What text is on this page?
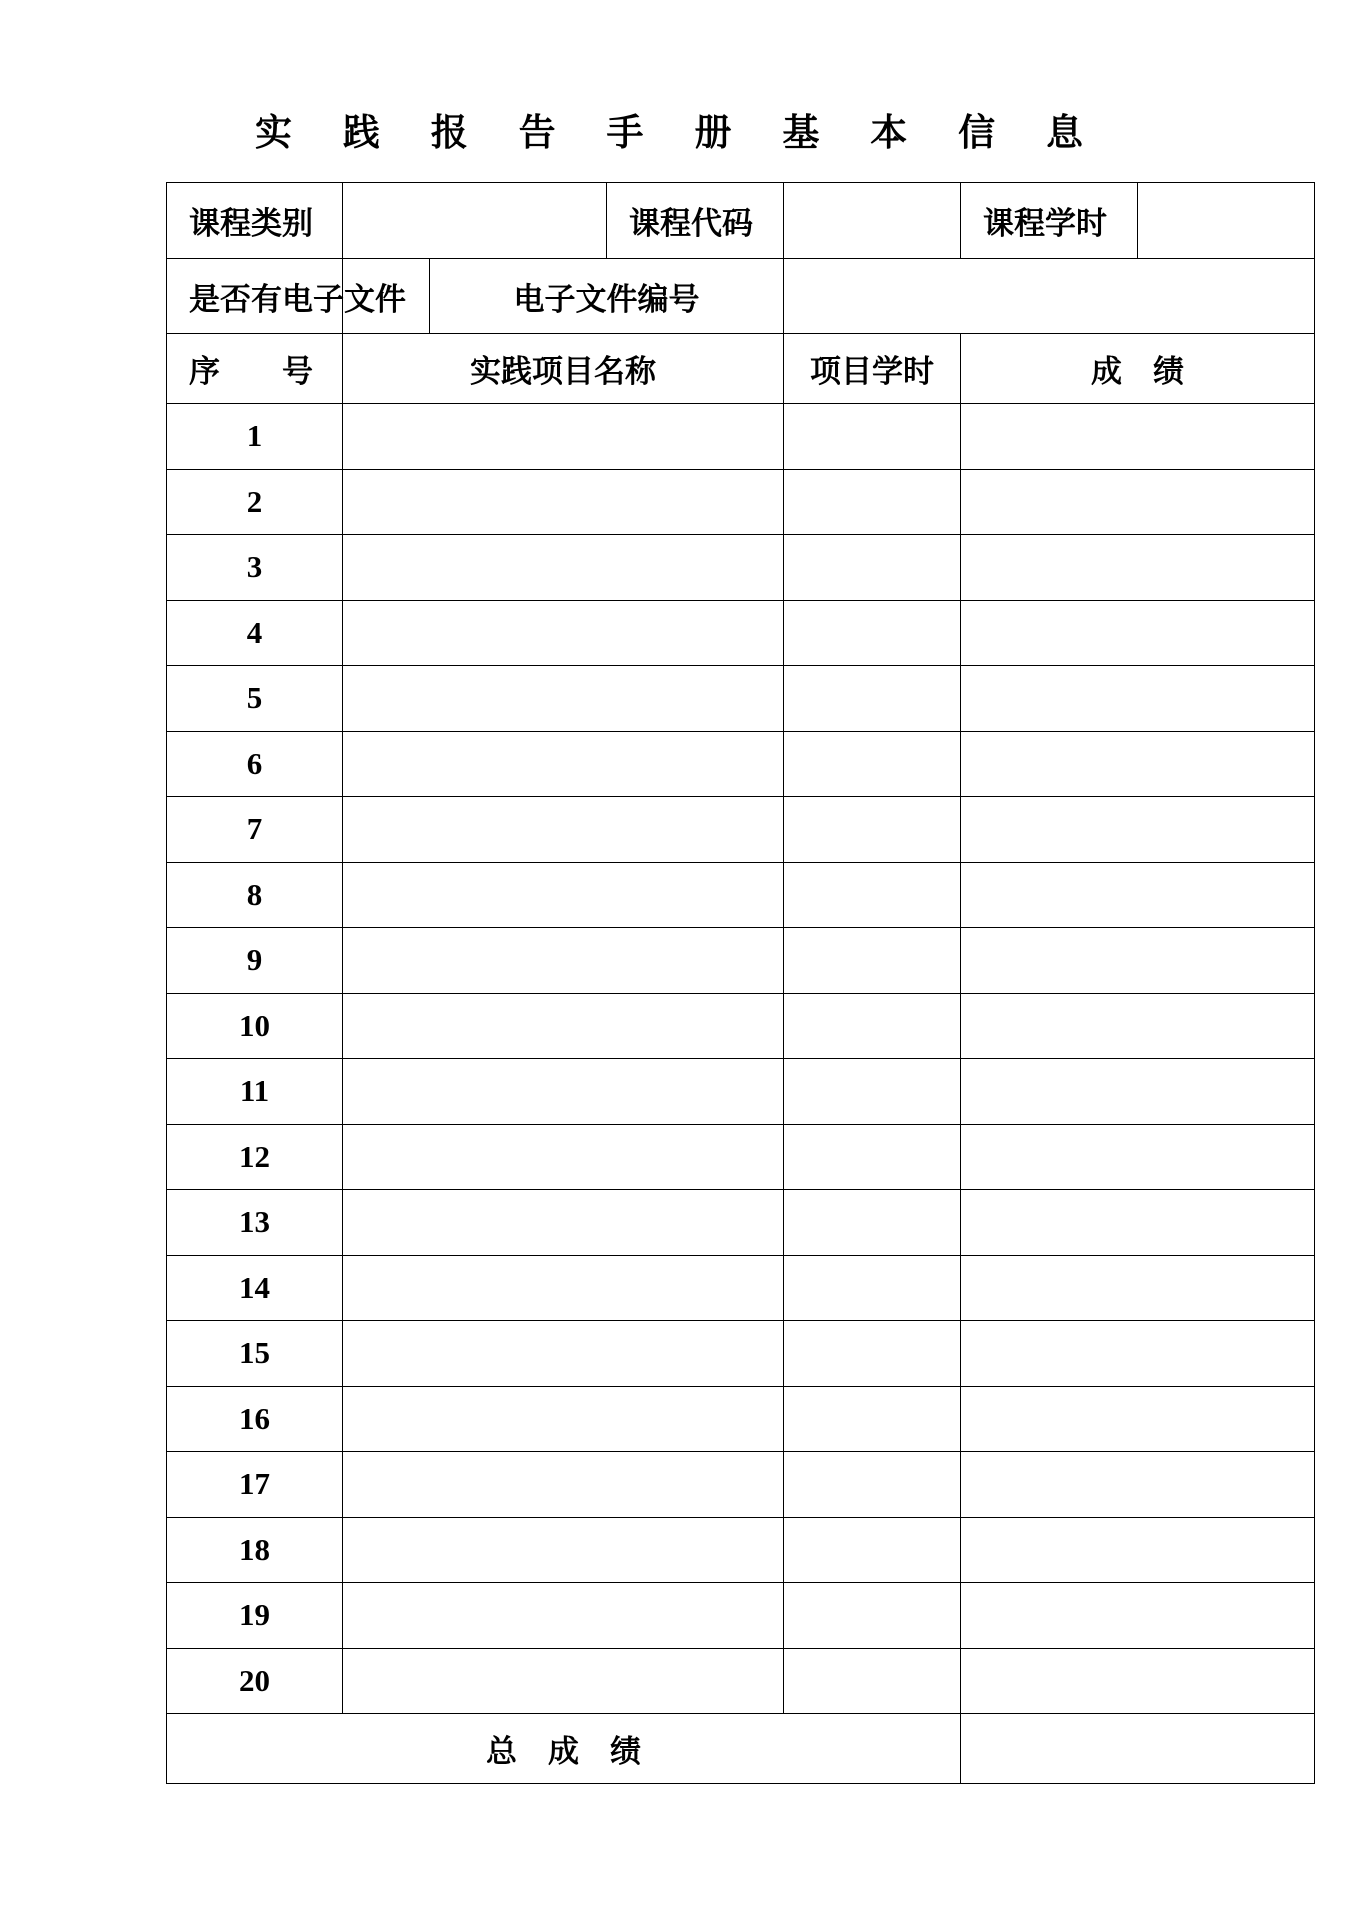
实 践 报 告 手 册 基 本 信 息
课程类别			课程代码		课程学时	
是否有电子文件		电子文件编号				
序　　号	实践项目名称			项目学时	成　绩	
1						
2						
3						
4						
5						
6						
7						
8						
9						
10						
11						
12						
13						
14						
15						
16						
17						
18						
19						
20						
总　成　绩						
